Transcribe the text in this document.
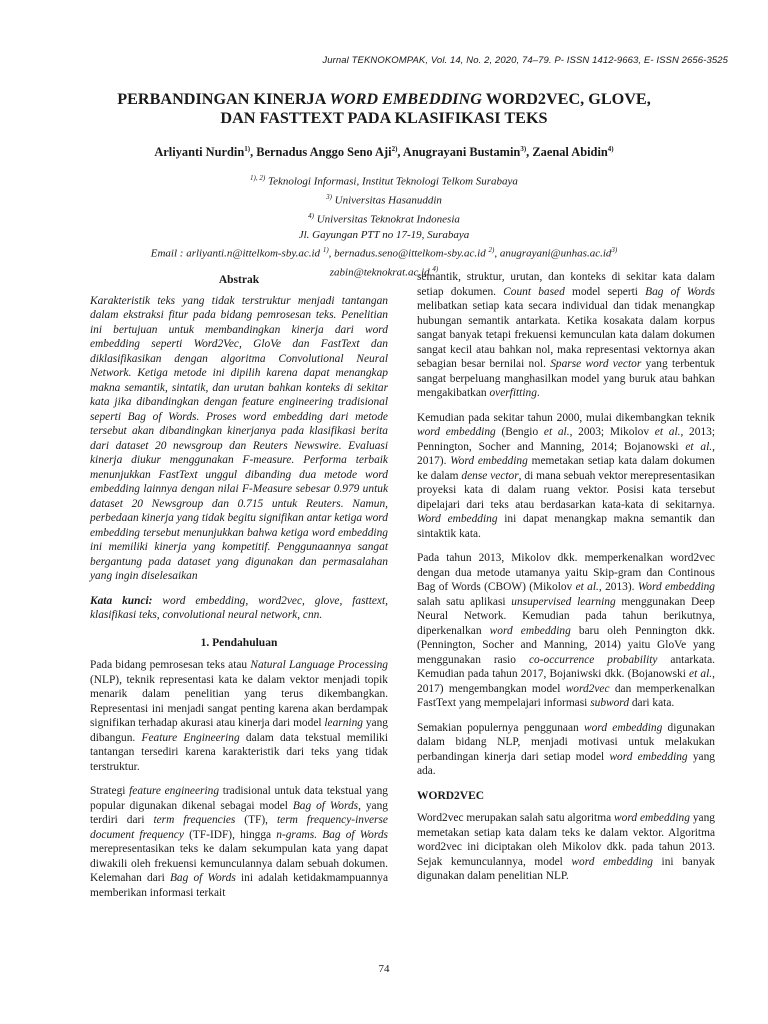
Jurnal TEKNOKOMPAK, Vol. 14, No. 2, 2020, 74–79. P- ISSN 1412-9663, E- ISSN 2656-3525
PERBANDINGAN KINERJA WORD EMBEDDING WORD2VEC, GLOVE,
DAN FASTTEXT PADA KLASIFIKASI TEKS
Arliyanti Nurdin$^{1)}$, Bernadus Anggo Seno Aji$^{2)}$, Anugrayani Bustamin$^{3)}$, Zaenal Abidin$^{4)}$
$^{1), 2)}$ Teknologi Informasi, Institut Teknologi Telkom Surabaya
$^{3)}$ Universitas Hasanuddin
$^{4)}$ Universitas Teknokrat Indonesia
Jl. Gayungan PTT no 17-19, Surabaya
Email : arliyanti.n@ittelkom-sby.ac.id $^{1)}$, bernadus.seno@ittelkom-sby.ac.id $^{2)}$, $anugrayani@unhas.ac.id^{3)}$
zabin@teknokrat.ac.id $^{4)}$
Abstrak

Karakteristik teks yang tidak terstruktur menjadi tantangan dalam ekstraksi fitur pada bidang pemrosesan teks. Penelitian ini bertujuan untuk membandingkan kinerja dari word embedding seperti Word2Vec, GloVe dan FastText dan diklasifikasikan dengan algoritma Convolutional Neural Network. Ketiga metode ini dipilih karena dapat menangkap makna semantik, sintatik, dan urutan bahkan konteks di sekitar kata jika dibandingkan dengan feature engineering tradisional seperti Bag of Words. Proses word embedding dari metode tersebut akan dibandingkan kinerjanya pada klasifikasi berita dari dataset 20 newsgroup dan Reuters Newswire. Evaluasi kinerja diukur menggunakan F-measure. Performa terbaik menunjukkan FastText unggul dibanding dua metode word embedding lainnya dengan nilai F-Measure sebesar 0.979 untuk dataset 20 Newsgroup dan 0.715 untuk Reuters. Namun, perbedaan kinerja yang tidak begitu signifikan antar ketiga word embedding tersebut menunjukkan bahwa ketiga word embedding ini memiliki kinerja yang kompetitif. Penggunaannya sangat bergantung pada dataset yang digunakan dan permasalahan yang ingin diselesaikan

Kata kunci: word embedding, word2vec, glove, fasttext, klasifikasi teks, convolutional neural network, cnn.

1. Pendahuluan

Pada bidang pemrosesan teks atau Natural Language Processing (NLP), teknik representasi kata ke dalam vektor menjadi topik menarik dalam penelitian yang terus dikembangkan. Representasi ini menjadi sangat penting karena akan berdampak signifikan terhadap akurasi atau kinerja dari model learning yang dibangun. Feature Engineering dalam data tekstual memiliki tantangan tersediri karena karakteristik dari teks yang tidak terstruktur.

Strategi feature engineering tradisional untuk data tekstual yang popular digunakan dikenal sebagai model Bag of Words, yang terdiri dari term frequencies (TF), term frequency-inverse document frequency (TF-IDF), hingga n-grams. Bag of Words merepresentasikan teks ke dalam sekumpulan kata yang dapat diwakili oleh frekuensi kemunculannya dalam sebuah dokumen. Kelemahan dari Bag of Words ini adalah ketidakmampuannya memberikan informasi terkait

semantik, struktur, urutan, dan konteks di sekitar kata dalam setiap dokumen. Count based model seperti Bag of Words melibatkan setiap kata secara individual dan tidak menangkap hubungan semantik antarkata. Ketika kosakata dalam korpus sangat banyak tetapi frekuensi kemunculan kata dalam dokumen sangat kecil atau bahkan nol, maka representasi vektornya akan sebagian besar bernilai nol. Sparse word vector yang terbentuk sangat berpeluang manghasilkan model yang buruk atau bahkan mengakibatkan overfitting.

Kemudian pada sekitar tahun 2000, mulai dikembangkan teknik word embedding (Bengio et al., 2003; Mikolov et al., 2013; Pennington, Socher and Manning, 2014; Bojanowski et al., 2017). Word embedding memetakan setiap kata dalam dokumen ke dalam dense vector, di mana sebuah vektor merepresentasikan proyeksi kata di dalam ruang vektor. Posisi kata tersebut dipelajari dari teks atau berdasarkan kata-kata di sekitarnya. Word embedding ini dapat menangkap makna semantik dan sintaktik kata.

Pada tahun 2013, Mikolov dkk. memperkenalkan word2vec dengan dua metode utamanya yaitu Skip-gram dan Continous Bag of Words (CBOW) (Mikolov et al., 2013). Word embedding salah satu aplikasi unsupervised learning menggunakan Deep Neural Network. Kemudian pada tahun berikutnya, diperkenalkan word embedding baru oleh Pennington dkk. (Pennington, Socher and Manning, 2014) yaitu GloVe yang menggunakan rasio co-occurrence probability antarkata. Kemudian pada tahun 2017, Bojaniwski dkk. (Bojanowski et al., 2017) mengembangkan model word2vec dan memperkenalkan FastText yang mempelajari informasi subword dari kata.

Semakian populernya penggunaan word embedding digunakan dalam bidang NLP, menjadi motivasi untuk melakukan perbandingan kinerja dari setiap model word embedding yang ada.

WORD2VEC

Word2vec merupakan salah satu algoritma word embedding yang memetakan setiap kata dalam teks ke dalam vektor. Algoritma word2vec ini diciptakan oleh Mikolov dkk. pada tahun 2013. Sejak kemunculannya, model word embedding ini banyak digunakan dalam penelitian NLP.

74
